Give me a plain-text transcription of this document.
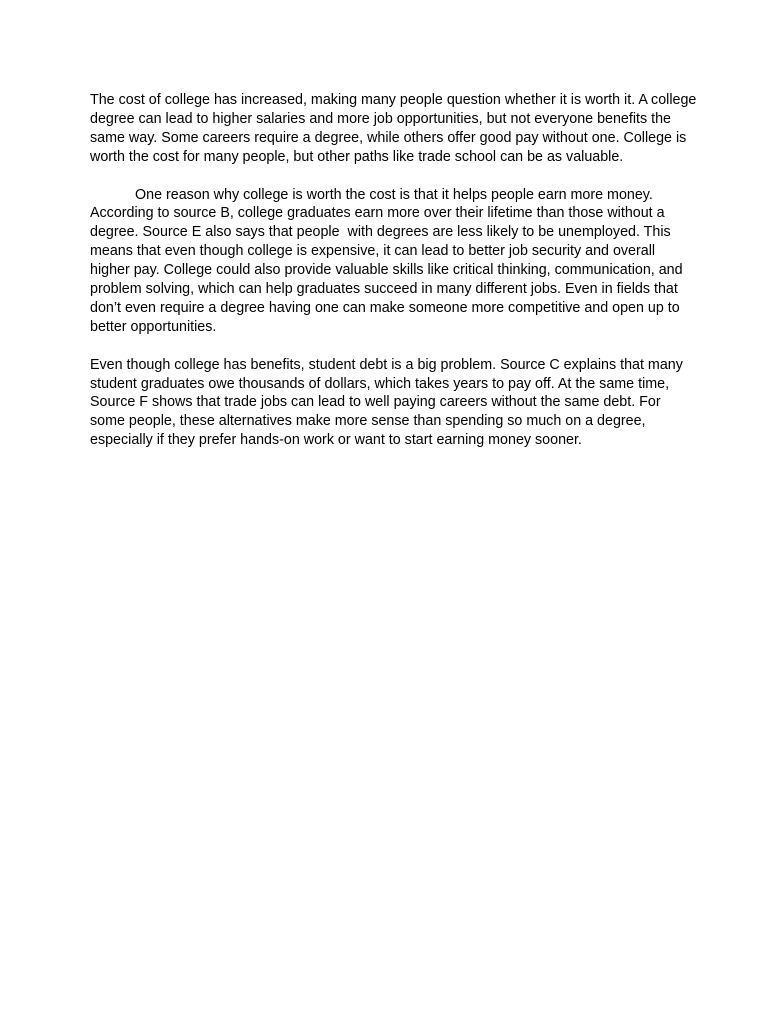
The cost of college has increased, making many people question whether it is worth it. A college
degree can lead to higher salaries and more job opportunities, but not everyone benefits the
same way. Some careers require a degree, while others offer good pay without one. College is
worth the cost for many people, but other paths like trade school can be as valuable.

One reason why college is worth the cost is that it helps people earn more money.
According to source B, college graduates earn more over their lifetime than those without a
degree. Source E also says that people  with degrees are less likely to be unemployed. This
means that even though college is expensive, it can lead to better job security and overall
higher pay. College could also provide valuable skills like critical thinking, communication, and
problem solving, which can help graduates succeed in many different jobs. Even in fields that
don’t even require a degree having one can make someone more competitive and open up to
better opportunities.

Even though college has benefits, student debt is a big problem. Source C explains that many
student graduates owe thousands of dollars, which takes years to pay off. At the same time,
Source F shows that trade jobs can lead to well paying careers without the same debt. For
some people, these alternatives make more sense than spending so much on a degree,
especially if they prefer hands-on work or want to start earning money sooner.
